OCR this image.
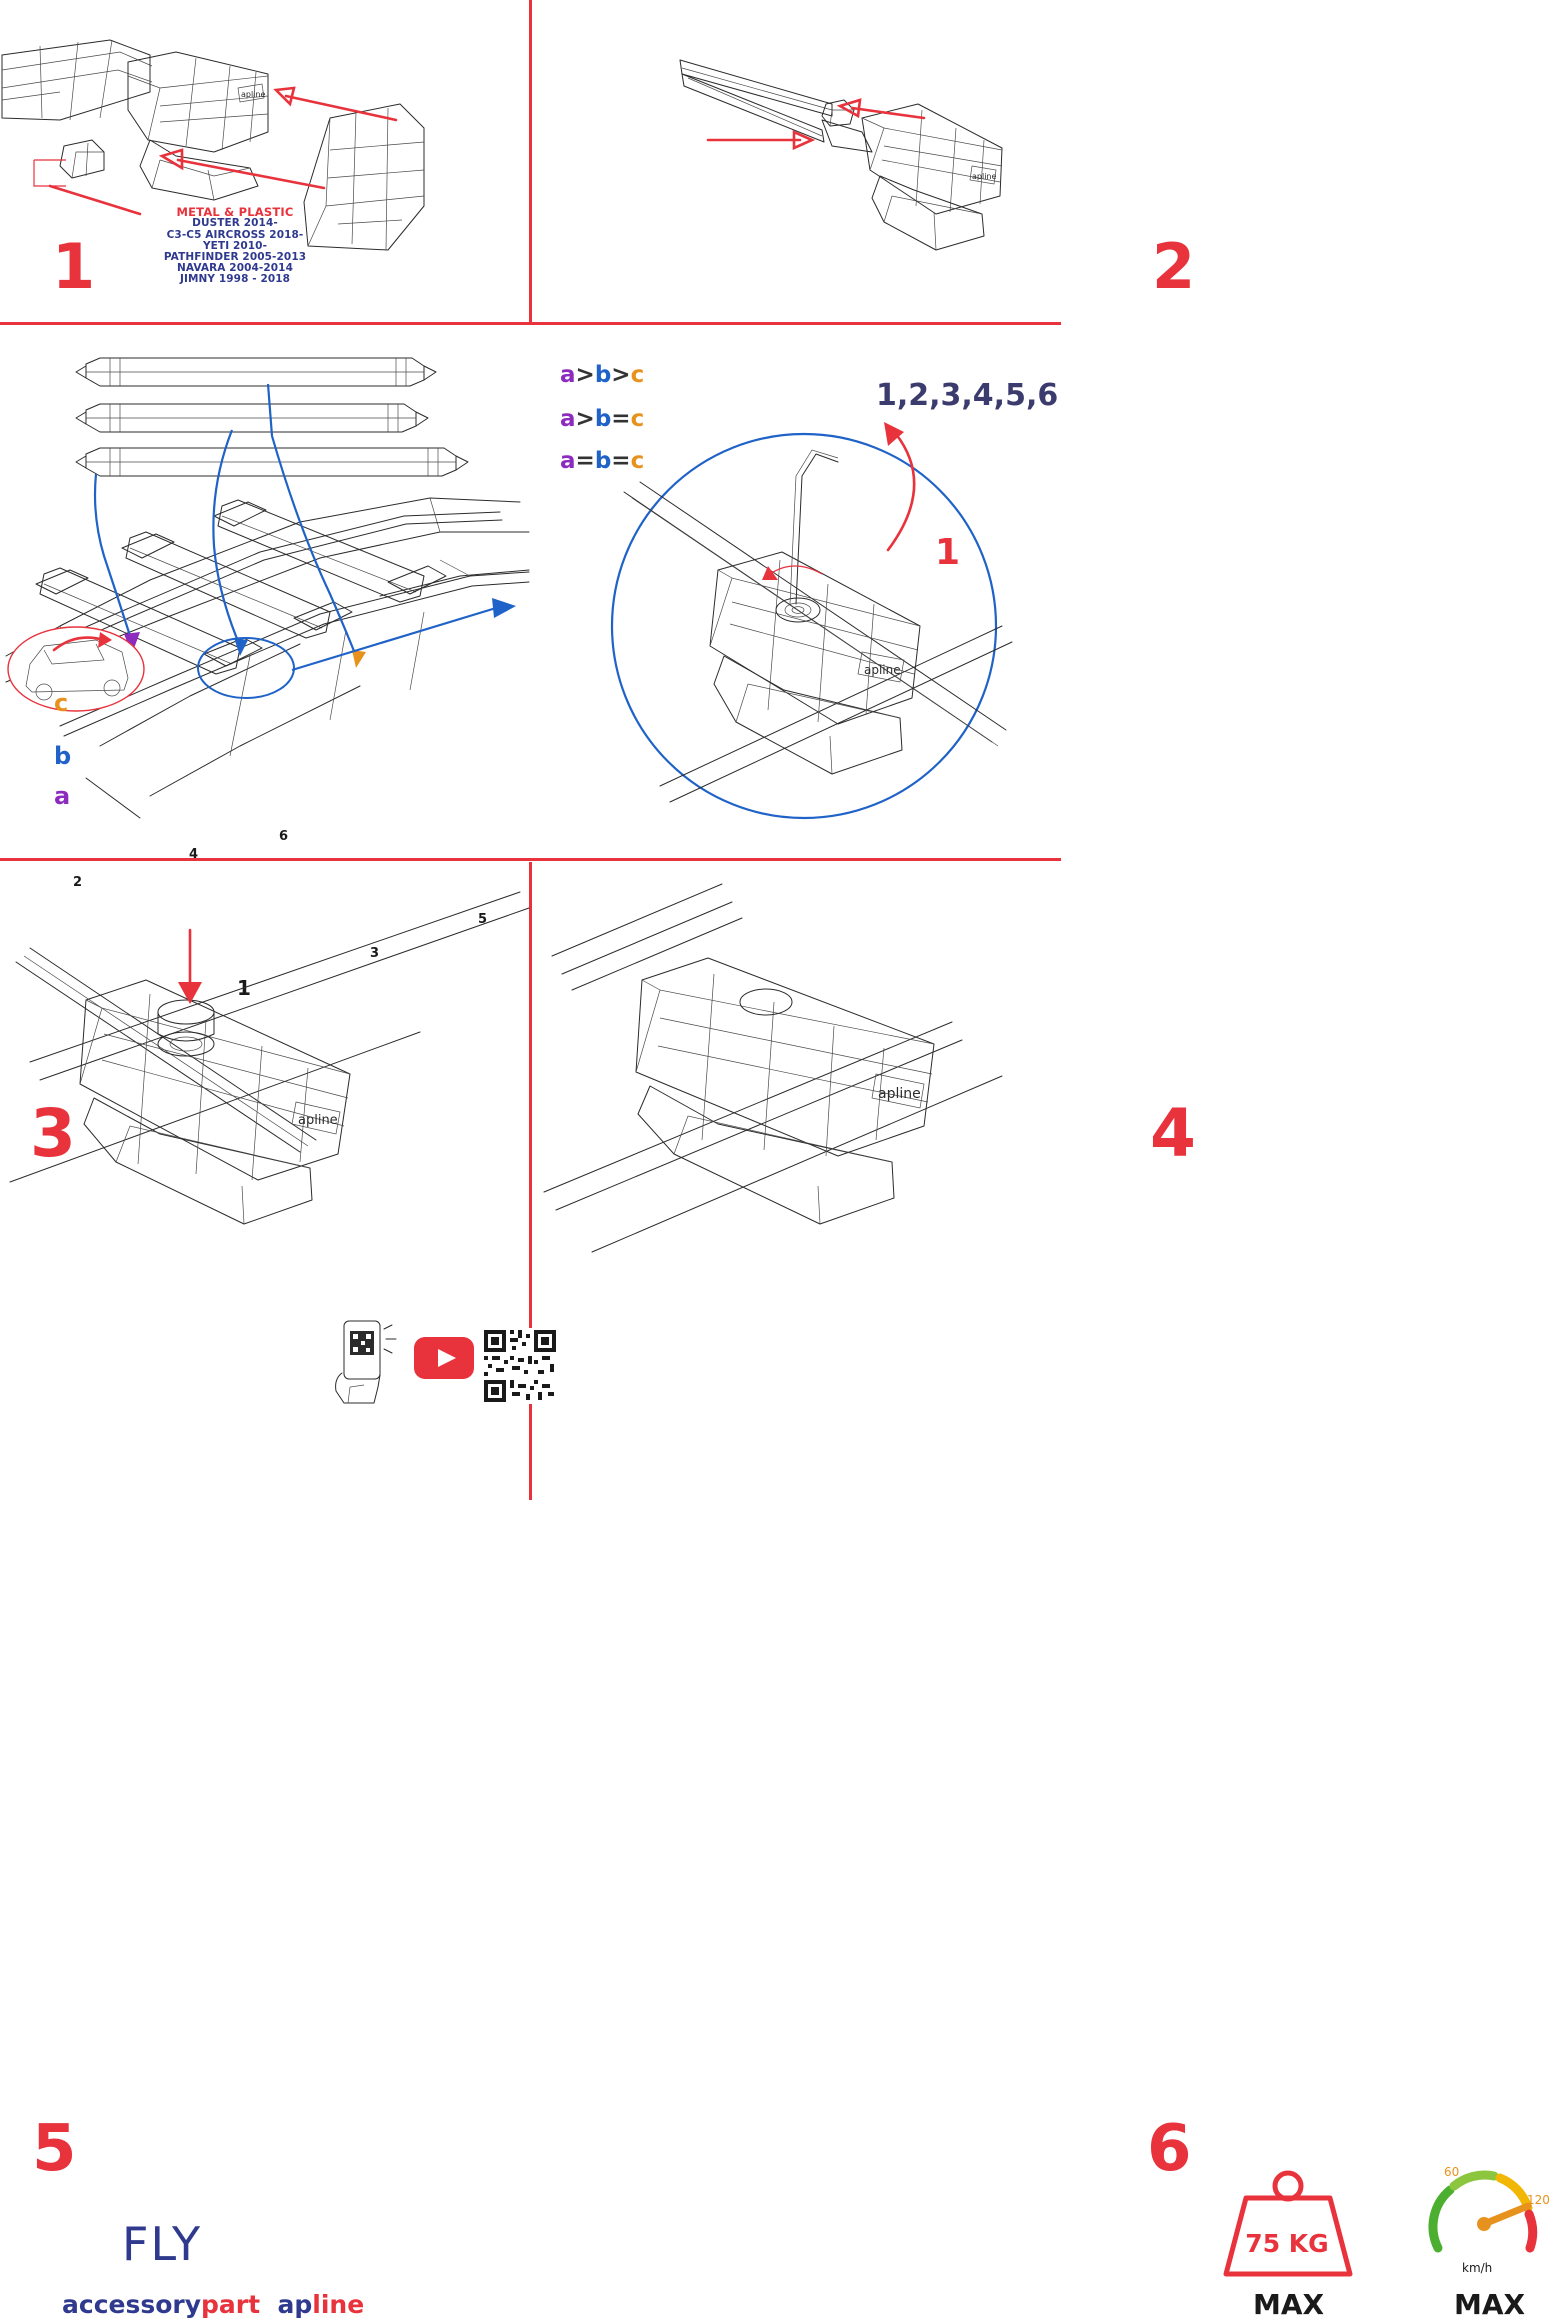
apline
METAL & PLASTIC
DUSTER 2014-
C3-C5 AIRCROSS 2018-
YETI 2010-
PATHFINDER 2005-2013
NAVARA 2004-2014
JIMNY 1998 - 2018
1
apline
2
c
b
a
2
4
6
5
3
1
3
a>b>c
a>b=c
a=b=c
apline
4
1,2,3,4,5,6
1
apline
FLY
accessorypart apline
5
apline
75 KG
MAX
60
120
km/h
MAX
6
